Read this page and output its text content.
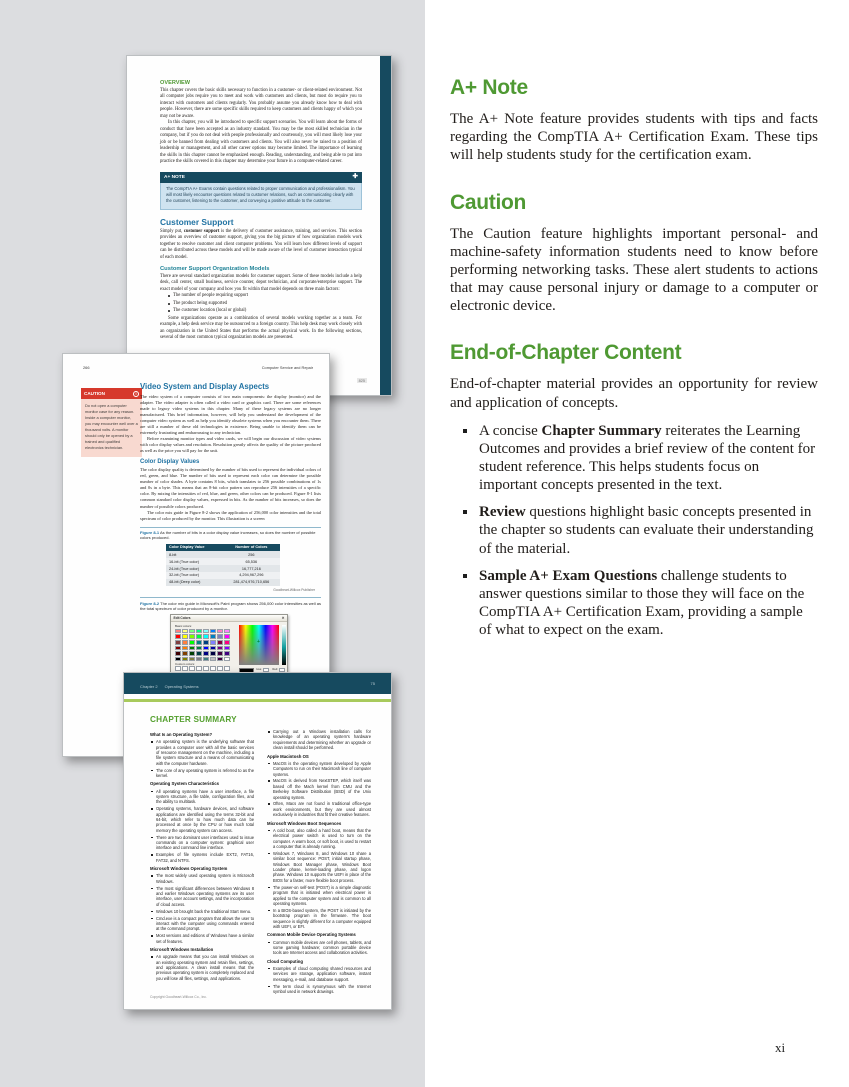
OVERVIEW

This chapter covers the basic skills necessary to function in a customer- or client-related environment. Not all computer jobs require you to meet and work with customers and clients, but most do require you to interact with customers and clients regularly. You probably assume you already know how to deal with people. However, there are some specific skills required to keep customers and clients happy of which you may not be aware.

In this chapter, you will be introduced to specific support scenarios. You will learn about the forms of conduct that have been accepted as an industry standard. You may be the most skilled technician in the company, but if you do not deal with people professionally and courteously, you will most likely lose your job or be banned from dealing with customers and clients. You will also never be raised to a position of leadership or management, and all other career options may become limited. The importance of learning the skills in this chapter cannot be emphasized enough. Reading, understanding, and being able to put into practice the skills covered in this chapter may determine your future in a computer-related career.

A+ NOTE	✚
The CompTIA A+ Exams contain questions related to proper communication and professionalism. You will most likely encounter questions related to customer relations, such as communicating clearly with the customer, listening to the customer, and conveying a positive attitude to the customer.
Customer Support

Simply put, customer support is the delivery of customer assistance, training, and services. This section provides an overview of customer support, giving you the big picture of how organization models work together to resolve customer and client computer problems. You will learn how different levels of support can be distributed across these models and will be made aware of the level of customer interaction typical of each model.

Customer Support Organization Models

There are several standard organization models for customer support. Some of these models include a help desk, call center, small business, service counter, depot technician, and corporate/enterprise support. The exact model of your company and how you fit within that model depends on three main factors:

The number of people requiring support
The product being supported
The customer location (local or global)

Some organizations operate as a combination of several models working together as a team. For example, a help desk service may be outsourced to a foreign country. This help desk may work closely with an organization in the United States that performs the actual physical work. In the following sections, several of the most common typical organization models are presented.

825
266	Computer Service and Repair
CAUTION	!
Do not open a computer monitor case for any reason. Inside a computer monitor, you may encounter well over a thousand volts. A monitor should only be opened by a trained and qualified electronics technician.
Video System and Display Aspects

The video system of a computer consists of two main components: the display (monitor) and the adapter. The video adapter is often called a video card or graphics card. There are some references made to legacy video systems in this chapter. Many of these legacy systems are no longer manufactured. This brief information, however, will help you understand the development of the computer video system as well as help you identify obsolete systems when you encounter them. There are still a number of these old technologies in existence. Being unable to identify them can be extremely frustrating and embarrassing to any technician.

Before examining monitor types and video cards, we will begin our discussion of video systems with color display values and resolution. Resolution greatly affects the quality of the picture produced as well as the price you will pay for the unit.

Color Display Values

The color display quality is determined by the number of bits used to represent the individual colors of red, green, and blue. The number of bits used to represent each color can determine the possible number of color shades. A byte contains 8 bits, which translates to 256 possible combinations of 1s and 0s in a byte. This means that an 8-bit color pattern can reproduce 256 intensities of a specific color. By mixing the intensities of red, blue, and green, other colors can be produced. Figure 8-1 lists common standard color display values, expressed in bits. As the number of bits increases, so does the number of possible colors produced.

The color mix guide in Figure 8-2 shows the application of 256,000 color intensities and the total spectrum of color produced by the monitor. This illustration is a screen

Figure 8-1 As the number of bits in a color display value increases, so does the number of possible colors produced.
Color Display Value	Number of Colors
8-bit	256
16-bit (True color)	65,536
24-bit (True color)	16,777,216
32-bit (True color)	4,294,967,296
48-bit (Deep color)	281,474,976,710,656
Goodheart-Willcox Publisher
Figure 8-2 The color mix guide in Microsoft's Paint program shows 256,000 color intensities as well as the total spectrum of color produced by a monitor.
Edit Colors	✕
Basic colors:
Custom colors:
+
Hue:	Red:
Chapter 2 Operating Systems	75
CHAPTER SUMMARY
What Is an Operating System?
An operating system is the underlying software that provides a computer user with all the basic services of resource management on the machine, including a file system structure and a means of communicating with the computer hardware.
The core of any operating system is referred to as the kernel.
Operating System Characteristics
All operating systems have a user interface, a file system structure, a file table, configuration files, and the ability to multitask.
Operating systems, hardware devices, and software applications are identified using the terms 32-bit and 64-bit, which refer to how much data can be processed at once by the CPU or how much total memory the operating system can access.
There are two dominant user interfaces used to issue commands on a computer system: graphical user interface and command line interface.
Examples of file systems include EXT2, FAT16, FAT32, and NTFS.
Microsoft Windows Operating System
The most widely used operating system is Microsoft Windows.
The most significant differences between Windows 8 and earlier Windows operating systems are its user interface, user account settings, and the incorporation of cloud access.
Windows 10 brought back the traditional Start menu.
Cmd.exe is a compact program that allows the user to interact with the computer using commands entered at the command prompt.
Most versions and editions of Windows have a similar set of features.
Microsoft Windows Installation
An upgrade means that you can install Windows on an existing operating system and retain files, settings, and applications. A clean install means that the previous operating system is completely replaced and you will lose all files, settings, and applications.
Carrying out a Windows installation calls for knowledge of an operating system's hardware requirements and determining whether an upgrade or clean install should be performed.
Apple Macintosh OS
MacOS is the operating system developed by Apple Computers to run on their Macintosh line of computer systems.
MacOS is derived from NextSTEP, which itself was based off the Mach kernel from CMU and the Berkeley Software Distribution (BSD) of the Unix operating system.
Often, Macs are not found in traditional office-type work environments, but they are used almost exclusively in industries that fit their creative features.
Microsoft Windows Boot Sequences
A cold boot, also called a hard boot, means that the electrical power switch is used to turn on the computer. A warm boot, or soft boot, is used to restart a computer that is already running.
Windows 7, Windows 8, and Windows 10 share a similar boot sequence: POST, initial startup phase, Windows Boot Manager phase, Windows Boot Loader phase, kernel-loading phase, and logon phase. Windows 10 supports the UEFI in place of the BIOS for a faster, more flexible boot process.
The power-on self-test (POST) is a simple diagnostic program that is initiated when electrical power is applied to the computer system and is common to all operating systems.
In a BIOS-based system, the POST is initiated by the bootstrap program in the firmware. The boot sequence is slightly different for a computer equipped with UEFI, or EFI.
Common Mobile Device Operating Systems
Common mobile devices are cell phones, tablets, and some gaming hardware; common portable device tools are Internet access and collaboration activities.
Cloud Computing
Examples of cloud computing shared resources and services are storage, application software, instant messaging, e-mail, and database support.
The term cloud is synonymous with the Internet symbol used in network drawings.
Copyright Goodheart-Willcox Co., Inc.
A+ Note

The A+ Note feature provides students with tips and facts regarding the CompTIA A+ Certification Exam. These tips will help students study for the certification exam.

Caution

The Caution feature highlights important personal- and machine-safety information students need to know before performing networking tasks. These alert students to actions that may cause personal injury or damage to a computer or electronic device.

End-of-Chapter Content

End-of-chapter material provides an opportunity for review and application of concepts.

A concise Chapter Summary reiterates the Learning Outcomes and provides a brief review of the content for student reference. This helps students focus on important concepts presented in the text.
Review questions highlight basic concepts presented in the chapter so students can evaluate their understanding of the material.
Sample A+ Exam Questions challenge students to answer questions similar to those they will face on the CompTIA A+ Certification Exam, providing a sample of what to expect on the exam.
xi
